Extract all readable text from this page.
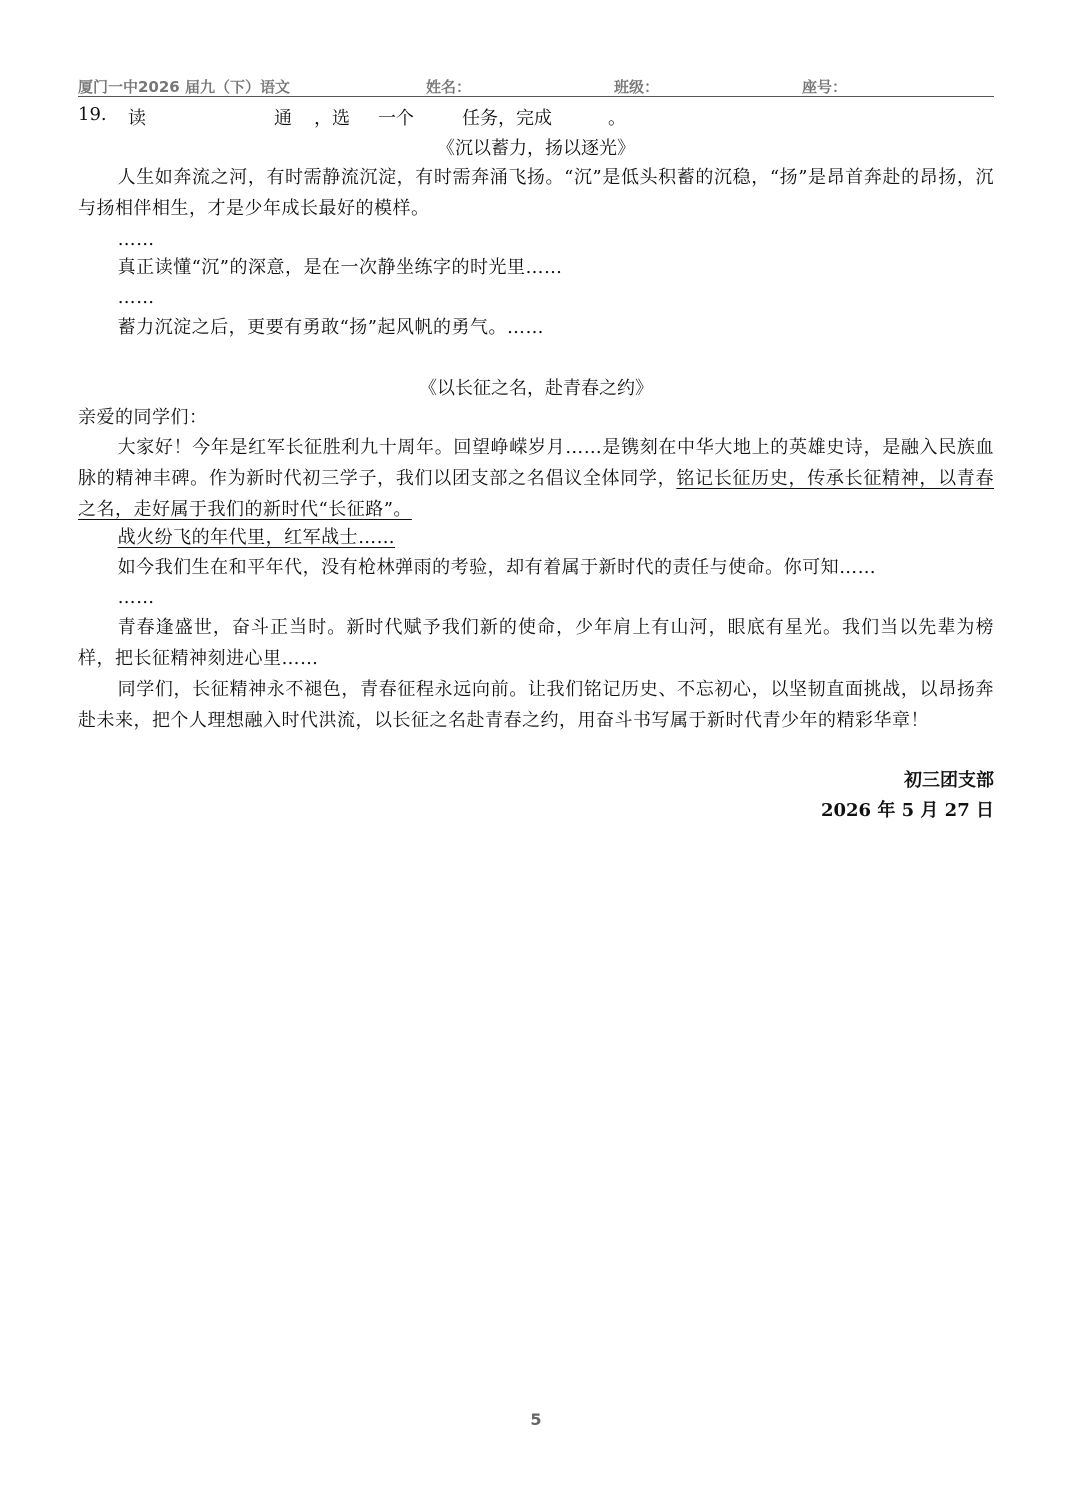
厦门一中2026 届九（下）语文	姓名：	班级：	座号：
19. 读	通 ，选 一个	任务，完成	。
《沉以蓄力，扬以逐光》
人生如奔流之河，有时需静流沉淀，有时需奔涌飞扬。“沉”是低头积蓄的沉稳，“扬”是昂首奔赴的昂扬，沉与扬相伴相生，才是少年成长最好的模样。
……
真正读懂“沉”的深意，是在一次静坐练字的时光里……
……
蓄力沉淀之后，更要有勇敢“扬”起风帆的勇气。……
《以长征之名，赴青春之约》
亲爱的同学们：
大家好！今年是红军长征胜利九十周年。回望峥嵘岁月……是镌刻在中华大地上的英雄史诗，是融入民族血脉的精神丰碑。作为新时代初三学子，我们以团支部之名倡议全体同学，铭记长征历史，传承长征精神，以青春之名，走好属于我们的新时代“长征路”。
战火纷飞的年代里，红军战士……
如今我们生在和平年代，没有枪林弹雨的考验，却有着属于新时代的责任与使命。你可知……
……
青春逢盛世，奋斗正当时。新时代赋予我们新的使命，少年肩上有山河，眼底有星光。我们当以先辈为榜样，把长征精神刻进心里……
同学们，长征精神永不褪色，青春征程永远向前。让我们铭记历史、不忘初心，以坚韧直面挑战，以昂扬奔赴未来，把个人理想融入时代洪流，以长征之名赴青春之约，用奋斗书写属于新时代青少年的精彩华章！
初三团支部
2026 年 5 月 27 日
5
